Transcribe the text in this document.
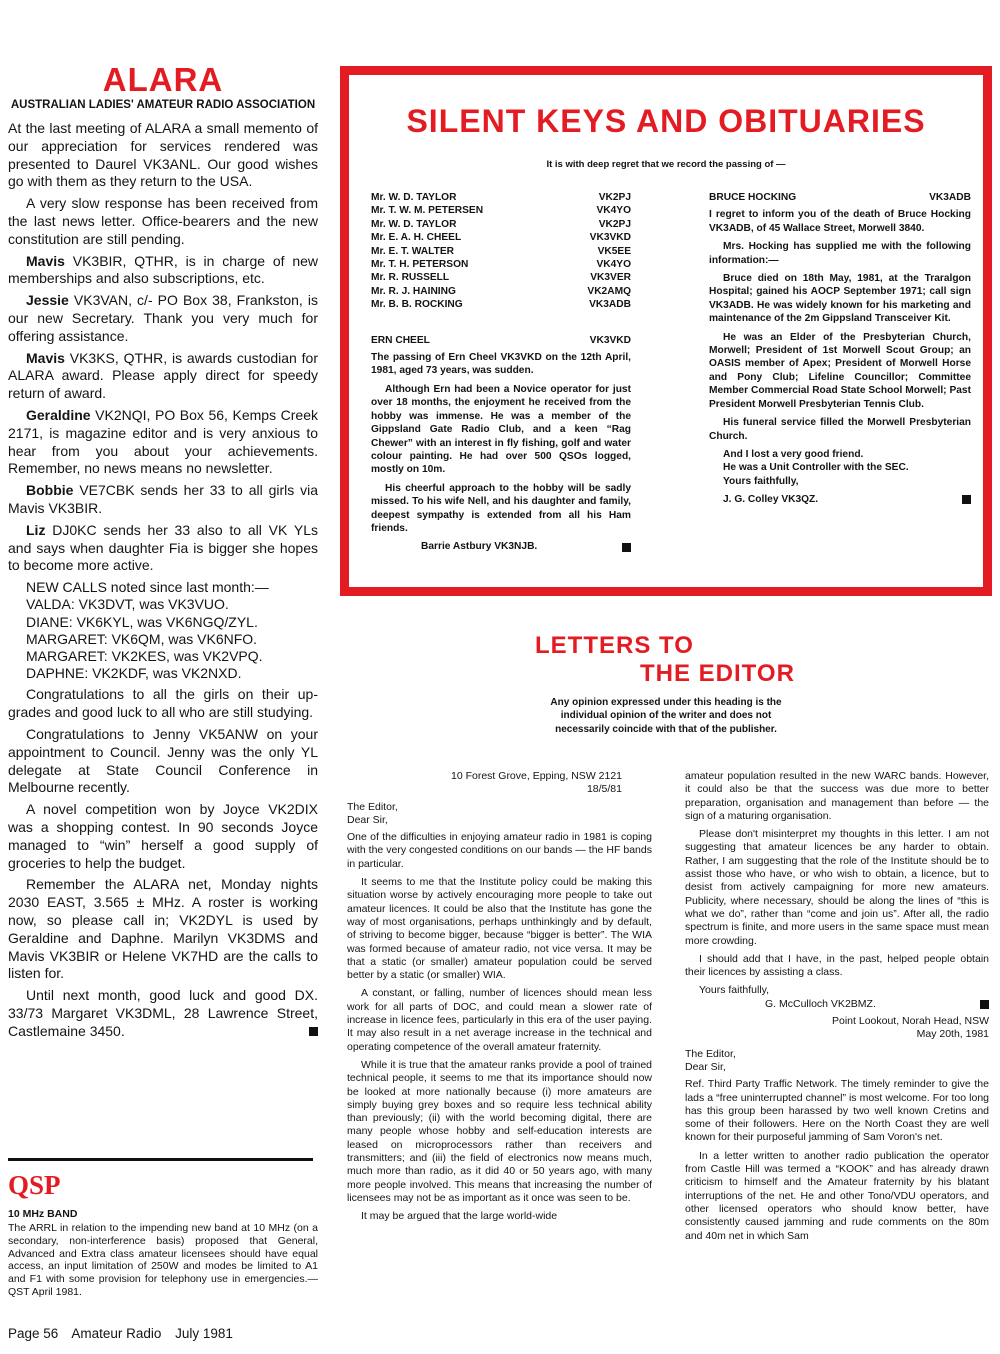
ALARA
AUSTRALIAN LADIES' AMATEUR RADIO ASSOCIATION

At the last meeting of ALARA a small memento of our appreciation for services rendered was presented to Daurel VK3ANL. Our good wishes go with them as they return to the USA.

A very slow response has been received from the last news letter. Office-bearers and the new constitution are still pending.

Mavis VK3BIR, QTHR, is in charge of new memberships and also subscriptions, etc.

Jessie VK3VAN, c/- PO Box 38, Frankston, is our new Secretary. Thank you very much for offering assistance.

Mavis VK3KS, QTHR, is awards custodian for ALARA award. Please apply direct for speedy return of award.

Geraldine VK2NQI, PO Box 56, Kemps Creek 2171, is magazine editor and is very anxious to hear from you about your achievements. Remember, no news means no newsletter.

Bobbie VE7CBK sends her 33 to all girls via Mavis VK3BIR.

Liz DJ0KC sends her 33 also to all VK YLs and says when daughter Fia is bigger she hopes to become more active.

NEW CALLS noted since last month:—
VALDA: VK3DVT, was VK3VUO.
DIANE: VK6KYL, was VK6NGQ/ZYL.
MARGARET: VK6QM, was VK6NFO.
MARGARET: VK2KES, was VK2VPQ.
DAPHNE: VK2KDF, was VK2NXD.

Congratulations to all the girls on their up-grades and good luck to all who are still studying.

Congratulations to Jenny VK5ANW on your appointment to Council. Jenny was the only YL delegate at State Council Conference in Melbourne recently.

A novel competition won by Joyce VK2DIX was a shopping contest. In 90 seconds Joyce managed to “win” herself a good supply of groceries to help the budget.

Remember the ALARA net, Monday nights 2030 EAST, 3.565 ± MHz. A roster is working now, so please call in; VK2DYL is used by Geraldine and Daphne. Marilyn VK3DMS and Mavis VK3BIR or Helene VK7HD are the calls to listen for.

Until next month, good luck and good DX. 33/73 Margaret VK3DML, 28 Lawrence Street, Castlemaine 3450.

QSP
10 MHz BAND
The ARRL in relation to the impending new band at 10 MHz (on a secondary, non-interference basis) proposed that General, Advanced and Extra class amateur licensees should have equal access, an input limitation of 250W and modes be limited to A1 and F1 with some provision for telephony use in emergencies.—QST April 1981.
Page 56 Amateur Radio July 1981
SILENT KEYS AND OBITUARIES
It is with deep regret that we record the passing of —
Mr. W. D. TAYLOR	VK2PJ
Mr. T. W. M. PETERSEN	VK4YO
Mr. W. D. TAYLOR	VK2PJ
Mr. E. A. H. CHEEL	VK3VKD
Mr. E. T. WALTER	VK5EE
Mr. T. H. PETERSON	VK4YO
Mr. R. RUSSELL	VK3VER
Mr. R. J. HAINING	VK2AMQ
Mr. B. B. ROCKING	VK3ADB
ERN CHEEL	VK3VKD

The passing of Ern Cheel VK3VKD on the 12th April, 1981, aged 73 years, was sudden.

Although Ern had been a Novice operator for just over 18 months, the enjoyment he received from the hobby was immense. He was a member of the Gippsland Gate Radio Club, and a keen “Rag Chewer” with an interest in fly fishing, golf and water colour painting. He had over 500 QSOs logged, mostly on 10m.

His cheerful approach to the hobby will be sadly missed. To his wife Nell, and his daughter and family, deepest sympathy is extended from all his Ham friends.

Barrie Astbury VK3NJB.
BRUCE HOCKING	VK3ADB

I regret to inform you of the death of Bruce Hocking VK3ADB, of 45 Wallace Street, Morwell 3840.

Mrs. Hocking has supplied me with the following information:—

Bruce died on 18th May, 1981, at the Traralgon Hospital; gained his AOCP September 1971; call sign VK3ADB. He was widely known for his marketing and maintenance of the 2m Gippsland Transceiver Kit.

He was an Elder of the Presbyterian Church, Morwell; President of 1st Morwell Scout Group; an OASIS member of Apex; President of Morwell Horse and Pony Club; Lifeline Councillor; Committee Member Commercial Road State School Morwell; Past President Morwell Presbyterian Tennis Club.

His funeral service filled the Morwell Presbyterian Church.

And I lost a very good friend.

He was a Unit Controller with the SEC.

Yours faithfully,

J. G. Colley VK3QZ.
LETTERS TO
THE EDITOR
Any opinion expressed under this heading is the individual opinion of the writer and does not necessarily coincide with that of the publisher.
10 Forest Grove, Epping, NSW 2121
18/5/81
The Editor,
Dear Sir,

One of the difficulties in enjoying amateur radio in 1981 is coping with the very congested conditions on our bands — the HF bands in particular.

It seems to me that the Institute policy could be making this situation worse by actively encouraging more people to take out amateur licences. It could be also that the Institute has gone the way of most organisations, perhaps unthinkingly and by default, of striving to become bigger, because “bigger is better”. The WIA was formed because of amateur radio, not vice versa. It may be that a static (or smaller) amateur population could be served better by a static (or smaller) WIA.

A constant, or falling, number of licences should mean less work for all parts of DOC, and could mean a slower rate of increase in licence fees, particularly in this era of the user paying. It may also result in a net average increase in the technical and operating competence of the overall amateur fraternity.

While it is true that the amateur ranks provide a pool of trained technical people, it seems to me that its importance should now be looked at more nationally because (i) more amateurs are simply buying grey boxes and so require less technical ability than previously; (ii) with the world becoming digital, there are many people whose hobby and self-education interests are leased on microprocessors rather than receivers and transmitters; and (iii) the field of electronics now means much, much more than radio, as it did 40 or 50 years ago, with many more people involved. This means that increasing the number of licensees may not be as important as it once was seen to be.

It may be argued that the large world-wide

amateur population resulted in the new WARC bands. However, it could also be that the success was due more to better preparation, organisation and management than before — the sign of a maturing organisation.

Please don't misinterpret my thoughts in this letter. I am not suggesting that amateur licences be any harder to obtain. Rather, I am suggesting that the role of the Institute should be to assist those who have, or who wish to obtain, a licence, but to desist from actively campaigning for more new amateurs. Publicity, where necessary, should be along the lines of “this is what we do”, rather than “come and join us”. After all, the radio spectrum is finite, and more users in the same space must mean more crowding.

I should add that I have, in the past, helped people obtain their licences by assisting a class.

Yours faithfully,
G. McCulloch VK2BMZ.
Point Lookout, Norah Head, NSW
May 20th, 1981
The Editor,
Dear Sir,

Ref. Third Party Traffic Network. The timely reminder to give the lads a “free uninterrupted channel” is most welcome. For too long has this group been harassed by two well known Cretins and some of their followers. Here on the North Coast they are well known for their purposeful jamming of Sam Voron's net.

In a letter written to another radio publication the operator from Castle Hill was termed a “KOOK” and has already drawn criticism to himself and the Amateur fraternity by his blatant interruptions of the net. He and other Tono/VDU operators, and other licensed operators who should know better, have consistently caused jamming and rude comments on the 80m and 40m net in which Sam
